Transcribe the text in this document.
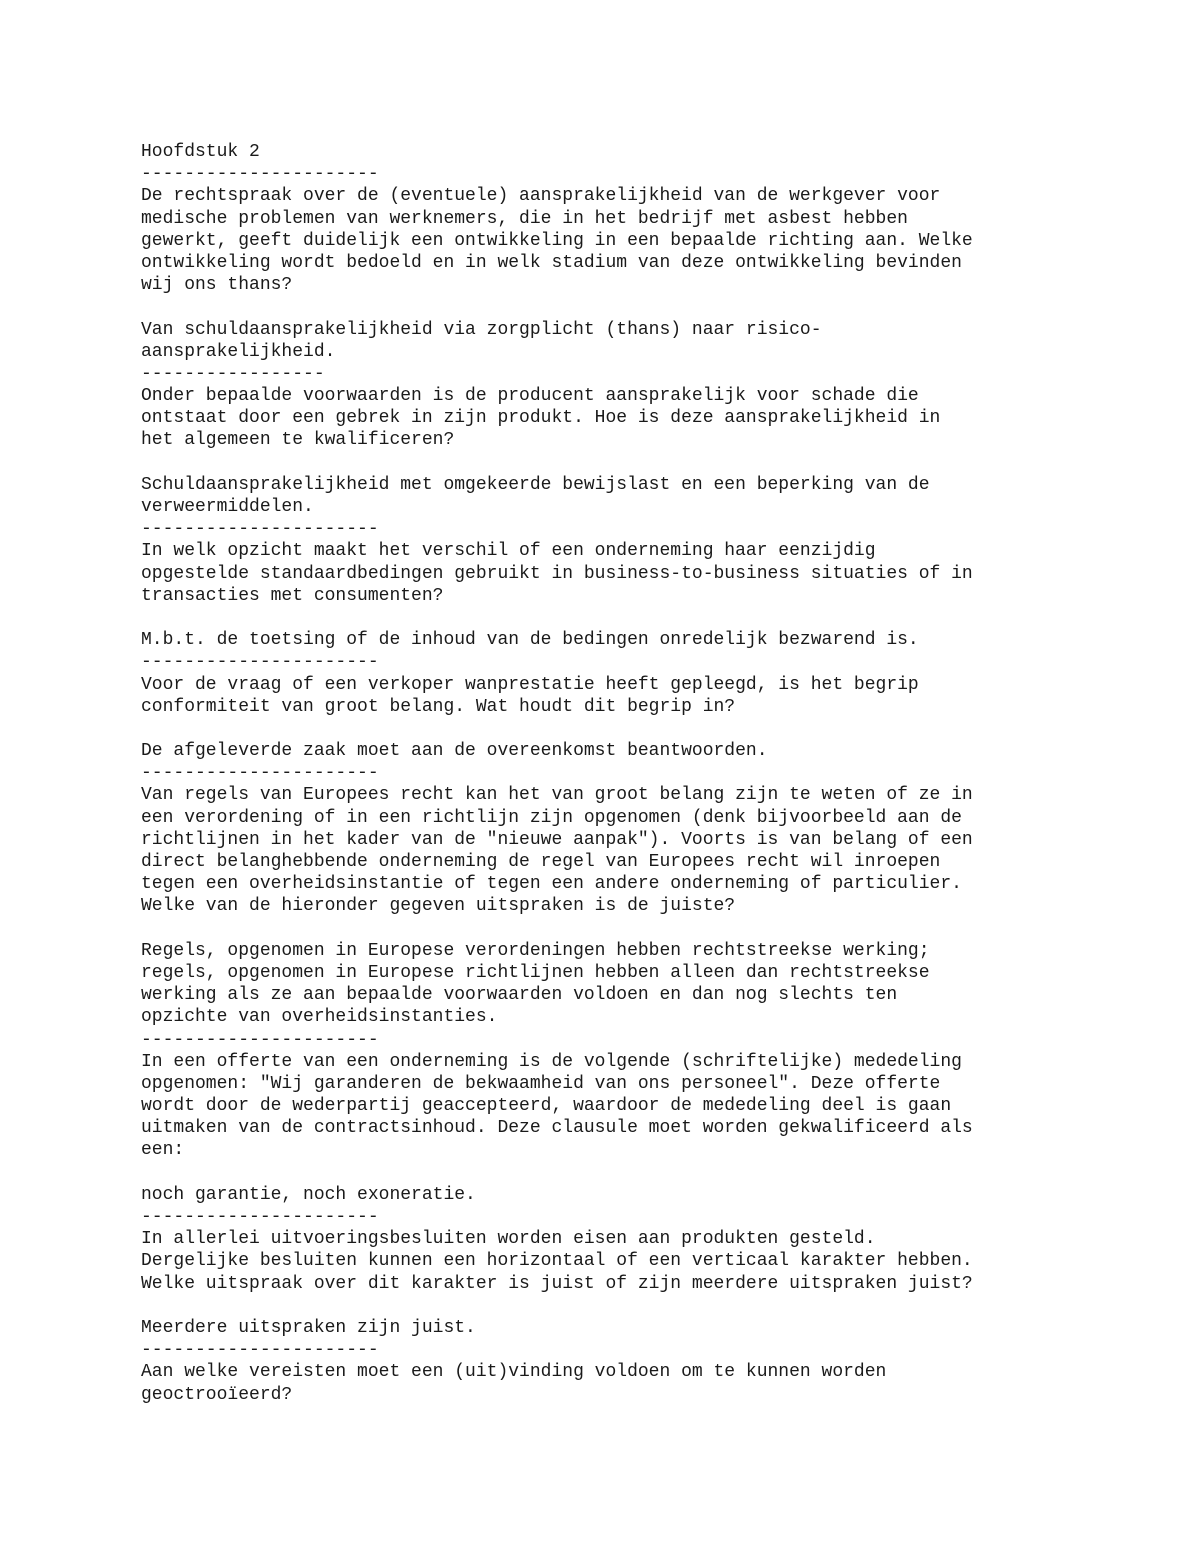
Hoofdstuk 2
----------------------
De rechtspraak over de (eventuele) aansprakelijkheid van de werkgever voor
medische problemen van werknemers, die in het bedrijf met asbest hebben
gewerkt, geeft duidelijk een ontwikkeling in een bepaalde richting aan. Welke
ontwikkeling wordt bedoeld en in welk stadium van deze ontwikkeling bevinden
wij ons thans?
Van schuldaansprakelijkheid via zorgplicht (thans) naar risico-
aansprakelijkheid.
-----------------
Onder bepaalde voorwaarden is de producent aansprakelijk voor schade die
ontstaat door een gebrek in zijn produkt. Hoe is deze aansprakelijkheid in
het algemeen te kwalificeren?
Schuldaansprakelijkheid met omgekeerde bewijslast en een beperking van de
verweermiddelen.
----------------------
In welk opzicht maakt het verschil of een onderneming haar eenzijdig
opgestelde standaardbedingen gebruikt in business-to-business situaties of in
transacties met consumenten?
M.b.t. de toetsing of de inhoud van de bedingen onredelijk bezwarend is.
----------------------
Voor de vraag of een verkoper wanprestatie heeft gepleegd, is het begrip
conformiteit van groot belang. Wat houdt dit begrip in?
De afgeleverde zaak moet aan de overeenkomst beantwoorden.
----------------------
Van regels van Europees recht kan het van groot belang zijn te weten of ze in
een verordening of in een richtlijn zijn opgenomen (denk bijvoorbeeld aan de
richtlijnen in het kader van de "nieuwe aanpak"). Voorts is van belang of een
direct belanghebbende onderneming de regel van Europees recht wil inroepen
tegen een overheidsinstantie of tegen een andere onderneming of particulier.
Welke van de hieronder gegeven uitspraken is de juiste?
Regels, opgenomen in Europese verordeningen hebben rechtstreekse werking;
regels, opgenomen in Europese richtlijnen hebben alleen dan rechtstreekse
werking als ze aan bepaalde voorwaarden voldoen en dan nog slechts ten
opzichte van overheidsinstanties.
----------------------
In een offerte van een onderneming is de volgende (schriftelijke) mededeling
opgenomen: "Wij garanderen de bekwaamheid van ons personeel". Deze offerte
wordt door de wederpartij geaccepteerd, waardoor de mededeling deel is gaan
uitmaken van de contractsinhoud. Deze clausule moet worden gekwalificeerd als
een:
noch garantie, noch exoneratie.
----------------------
In allerlei uitvoeringsbesluiten worden eisen aan produkten gesteld.
Dergelijke besluiten kunnen een horizontaal of een verticaal karakter hebben.
Welke uitspraak over dit karakter is juist of zijn meerdere uitspraken juist?
Meerdere uitspraken zijn juist.
----------------------
Aan welke vereisten moet een (uit)vinding voldoen om te kunnen worden
geoctrooïeerd?
